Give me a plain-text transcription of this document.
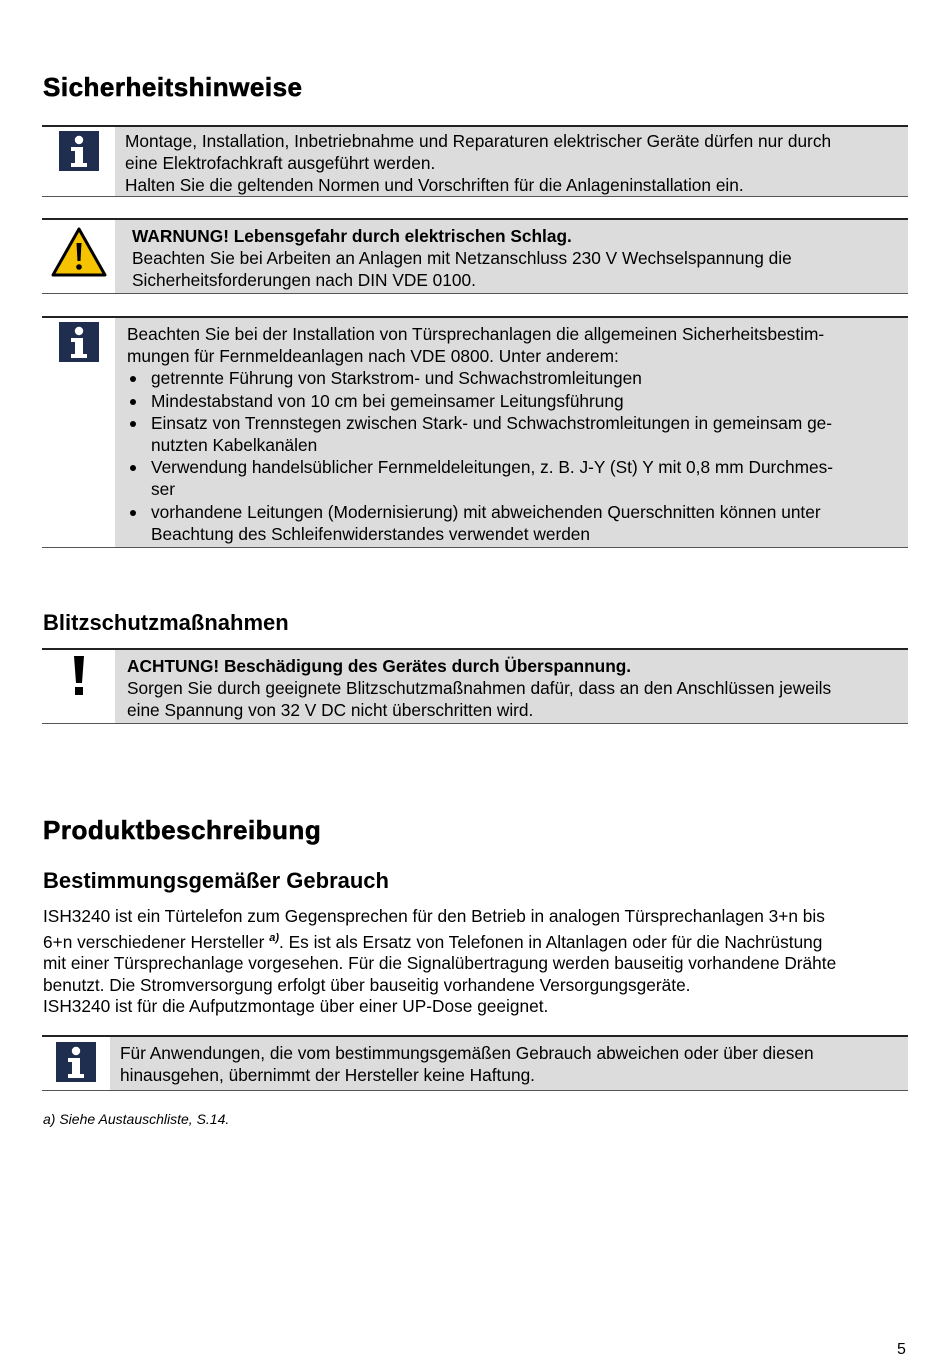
Sicherheitshinweise

Montage, Installation, Inbetriebnahme und Reparaturen elektrischer Geräte dürfen nur durch

eine Elektrofachkraft ausgeführt werden.

Halten Sie die geltenden Normen und Vorschriften für die Anlageninstallation ein.

WARNUNG! Lebensgefahr durch elektrischen Schlag.

Beachten Sie bei Arbeiten an Anlagen mit Netzanschluss 230 V Wechselspannung die

Sicherheitsforderungen nach DIN VDE 0100.

Beachten Sie bei der Installation von Türsprechanlagen die allgemeinen Sicherheitsbestim-

mungen für Fernmeldeanlagen nach VDE 0800. Unter anderem:

getrennte Führung von Starkstrom- und Schwachstromleitungen
Mindestabstand von 10 cm bei gemeinsamer Leitungsführung
Einsatz von Trennstegen zwischen Stark- und Schwachstromleitungen in gemeinsam ge-
nutzten Kabelkanälen
Verwendung handelsüblicher Fernmeldeleitungen, z. B. J-Y (St) Y mit 0,8 mm Durchmes-
ser
vorhandene Leitungen (Modernisierung) mit abweichenden Querschnitten können unter
Beachtung des Schleifenwiderstandes verwendet werden
Blitzschutzmaßnahmen

ACHTUNG! Beschädigung des Gerätes durch Überspannung.

Sorgen Sie durch geeignete Blitzschutzmaßnahmen dafür, dass an den Anschlüssen jeweils

eine Spannung von 32 V DC nicht überschritten wird.

Produktbeschreibung
Bestimmungsgemäßer Gebrauch
ISH3240 ist ein Türtelefon zum Gegensprechen für den Betrieb in analogen Türsprechanlagen 3+n bis
6+n verschiedener Hersteller $^{a)}$. Es ist als Ersatz von Telefonen in Altanlagen oder für die Nachrüstung
mit einer Türsprechanlage vorgesehen. Für die Signalübertragung werden bauseitig vorhandene Drähte
benutzt. Die Stromversorgung erfolgt über bauseitig vorhandene Versorgungsgeräte.
ISH3240 ist für die Aufputzmontage über einer UP-Dose geeignet.

Für Anwendungen, die vom bestimmungsgemäßen Gebrauch abweichen oder über diesen

hinausgehen, übernimmt der Hersteller keine Haftung.

a) Siehe Austauschliste, S.14.

5
